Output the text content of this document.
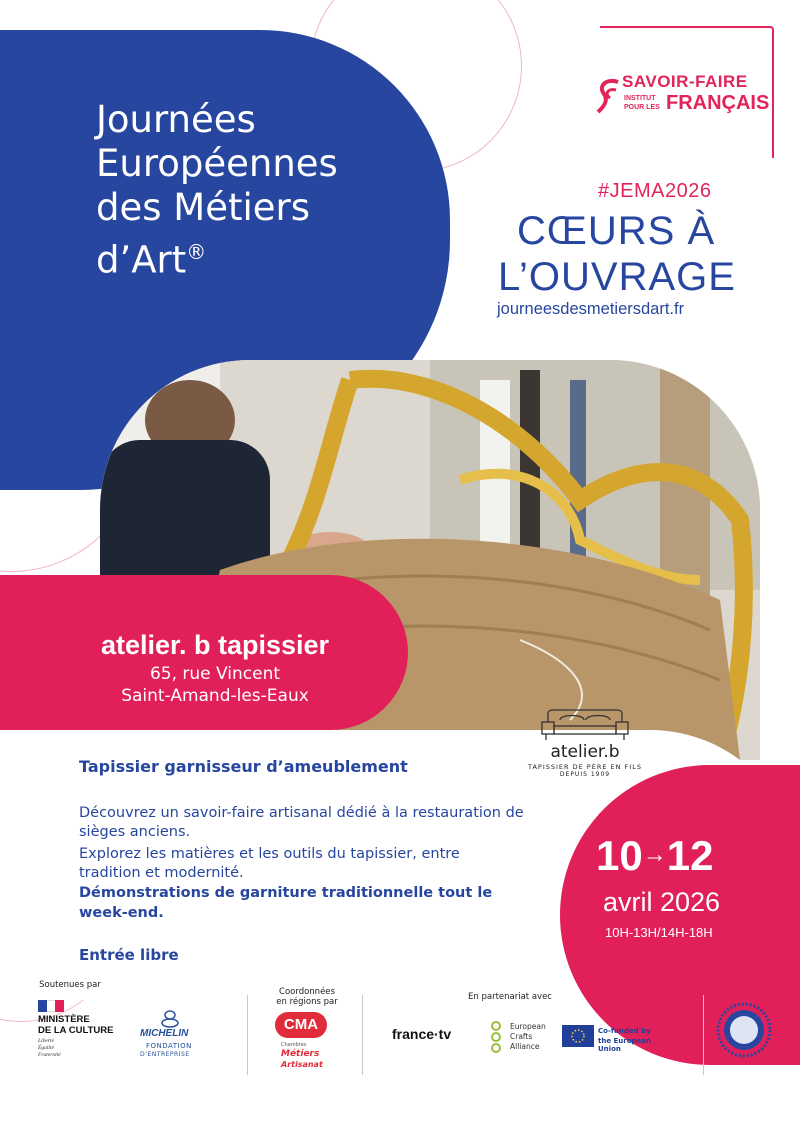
Journées
Européennes
des Métiers
d’Art®
SAVOIR-FAIRE
INSTITUT
POUR LES FRANÇAIS
#JEMA2026
CŒURS À
L’OUVRAGE
journeesdesmetiersdart.fr
atelier. b tapissier
65, rue Vincent
Saint-Amand-les-Eaux
10→12
avril 2026
10H-13H/14H-18H
atelier.b
TAPISSIER DE PÈRE EN FILS
DEPUIS 1909
Tapissier garnisseur d’ameublement
Découvrez un savoir-faire artisanal dédié à la restauration de
sièges anciens.
Explorez les matières et les outils du tapissier, entre
tradition et modernité.
Démonstrations de garniture traditionnelle tout le
week-end.
Entrée libre
Soutenues par
MINISTÈRE
DE LA CULTURE
Liberté
Égalité
Fraternité
MICHELIN
FONDATION
D’ENTREPRISE
Coordonnées
en régions par
CMA
Chambres
Métiers
Artisanat
En partenariat avec
france·tv	European
Crafts
Alliance
Co-funded by
the European Union
